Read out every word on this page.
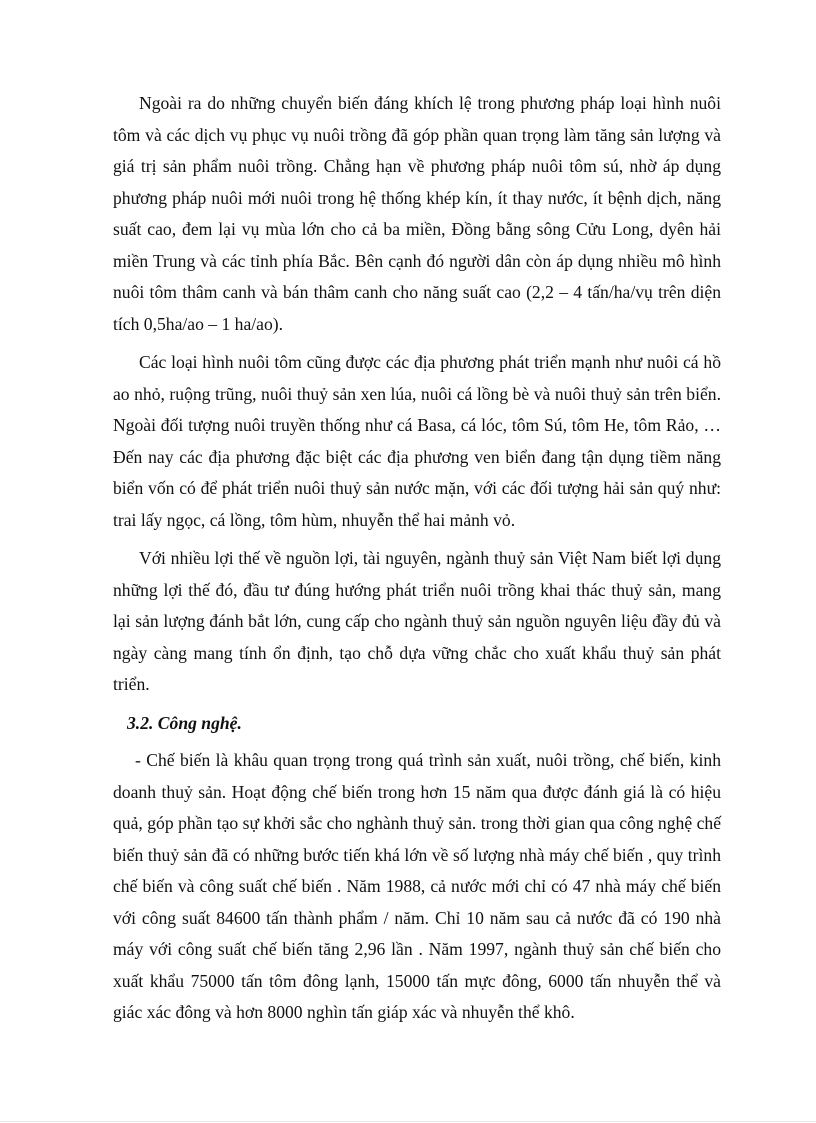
Ngoài ra do những chuyển biến đáng khích lệ trong phương pháp loại hình nuôi tôm và các dịch vụ phục vụ nuôi trồng đã góp phần quan trọng làm tăng sản lượng và giá trị sản phẩm nuôi trồng. Chẳng hạn về phương pháp nuôi tôm sú, nhờ áp dụng phương pháp nuôi mới nuôi trong hệ thống khép kín, ít thay nước, ít bệnh dịch, năng suất cao, đem lại vụ mùa lớn cho cả ba miền, Đồng bằng sông Cửu Long, dyên hải miền Trung và các tỉnh phía Bắc. Bên cạnh đó người dân còn áp dụng nhiều mô hình nuôi tôm thâm canh và bán thâm canh cho năng suất cao (2,2 – 4 tấn/ha/vụ trên diện tích 0,5ha/ao – 1 ha/ao).

Các loại hình nuôi tôm cũng được các địa phương phát triển mạnh như nuôi cá hồ ao nhỏ, ruộng trũng, nuôi thuỷ sản xen lúa, nuôi cá lồng bè và nuôi thuỷ sản trên biển. Ngoài đối tượng nuôi truyền thống như cá Basa, cá lóc, tôm Sú, tôm He, tôm Rảo, … Đến nay các địa phương đặc biệt các địa phương ven biển đang tận dụng tiềm năng biển vốn có để phát triển nuôi thuỷ sản nước mặn, với các đối tượng hải sản quý như: trai lấy ngọc, cá lồng, tôm hùm, nhuyễn thể hai mảnh vỏ.

Với nhiều lợi thế về nguồn lợi, tài nguyên, ngành thuỷ sản Việt Nam biết lợi dụng những lợi thế đó, đầu tư đúng hướng phát triển nuôi trồng khai thác thuỷ sản, mang lại sản lượng đánh bắt lớn, cung cấp cho ngành thuỷ sản nguồn nguyên liệu đầy đủ và ngày càng mang tính ổn định, tạo chỗ dựa vững chắc cho xuất khẩu thuỷ sản phát triển.

3.2. Công nghệ.

- Chế biến là khâu quan trọng trong quá trình sản xuất, nuôi trồng, chế biến, kinh doanh thuỷ sản. Hoạt động chế biến trong hơn 15 năm qua được đánh giá là có hiệu quả, góp phần tạo sự khởi sắc cho nghành thuỷ sản. trong thời gian qua công nghệ chế biến thuỷ sản đã có những bước tiến khá lớn về số lượng nhà máy chế biến , quy trình chế biến và công suất chế biến . Năm 1988, cả nước mới chỉ có 47 nhà máy chế biến với công suất 84600 tấn thành phẩm / năm. Chỉ 10 năm sau cả nước đã có 190 nhà máy với công suất chế biến tăng 2,96 lần . Năm 1997, ngành thuỷ sản chế biến cho xuất khẩu 75000 tấn tôm đông lạnh, 15000 tấn mực đông, 6000 tấn nhuyễn thể và giác xác đông và hơn 8000 nghìn tấn giáp xác và nhuyễn thể khô.
